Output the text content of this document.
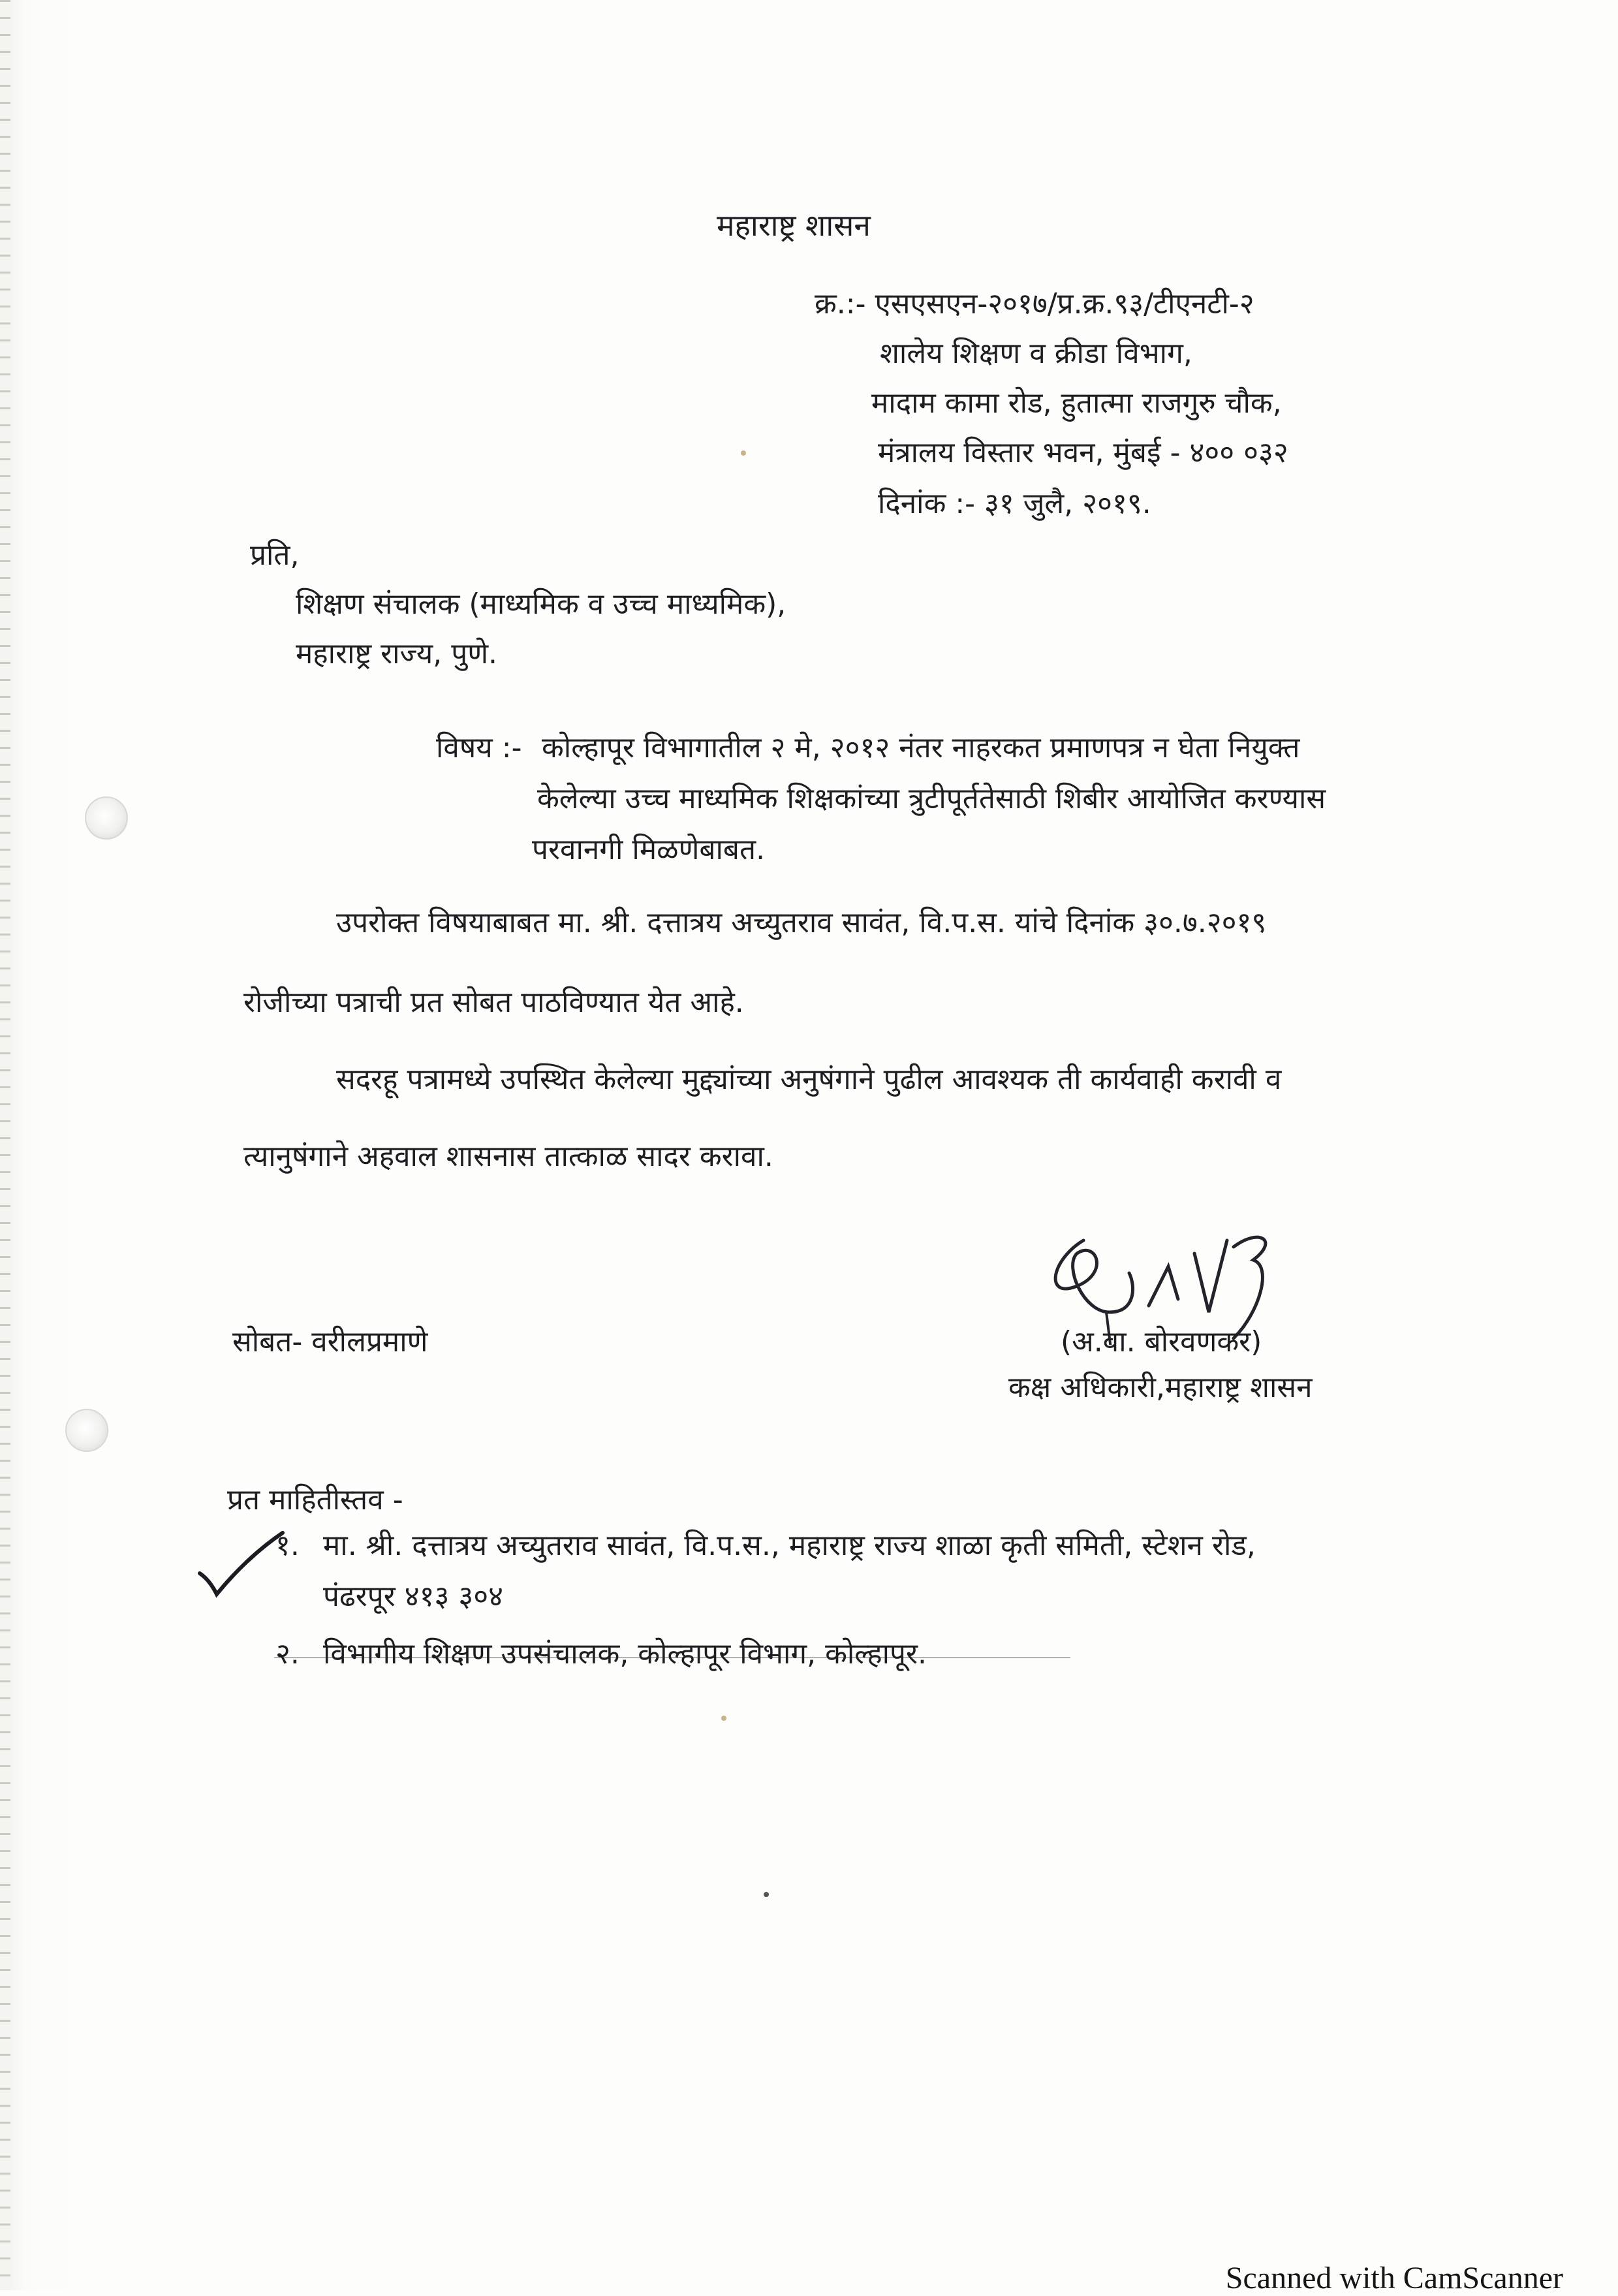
महाराष्ट्र शासन
क्र.:- एसएसएन-२०१७/प्र.क्र.९३/टीएनटी-२
शालेय शिक्षण व क्रीडा विभाग,
मादाम कामा रोड, हुतात्मा राजगुरु चौक,
मंत्रालय विस्तार भवन, मुंबई - ४०० ०३२
दिनांक :- ३१ जुलै, २०१९.
प्रति,
शिक्षण संचालक (माध्यमिक व उच्च माध्यमिक),
महाराष्ट्र राज्य, पुणे.
विषय :- कोल्हापूर विभागातील २ मे, २०१२ नंतर नाहरकत प्रमाणपत्र न घेता नियुक्त
केलेल्या उच्च माध्यमिक शिक्षकांच्या त्रुटीपूर्ततेसाठी शिबीर आयोजित करण्यास
परवानगी मिळणेबाबत.
उपरोक्त विषयाबाबत मा. श्री. दत्तात्रय अच्युतराव सावंत, वि.प.स. यांचे दिनांक ३०.७.२०१९
रोजीच्या पत्राची प्रत सोबत पाठविण्यात येत आहे.
सदरहू पत्रामध्ये उपस्थित केलेल्या मुद्द्यांच्या अनुषंगाने पुढील आवश्यक ती कार्यवाही करावी व
त्यानुषंगाने अहवाल शासनास तात्काळ सादर करावा.
सोबत- वरीलप्रमाणे	(अ.वा. बोरवणकर)
कक्ष अधिकारी,महाराष्ट्र शासन
प्रत माहितीस्तव -
१. मा. श्री. दत्तात्रय अच्युतराव सावंत, वि.प.स., महाराष्ट्र राज्य शाळा कृती समिती, स्टेशन रोड,
पंढरपूर ४१३ ३०४
२. विभागीय शिक्षण उपसंचालक, कोल्हापूर विभाग, कोल्हापूर.
Scanned with CamScanner
